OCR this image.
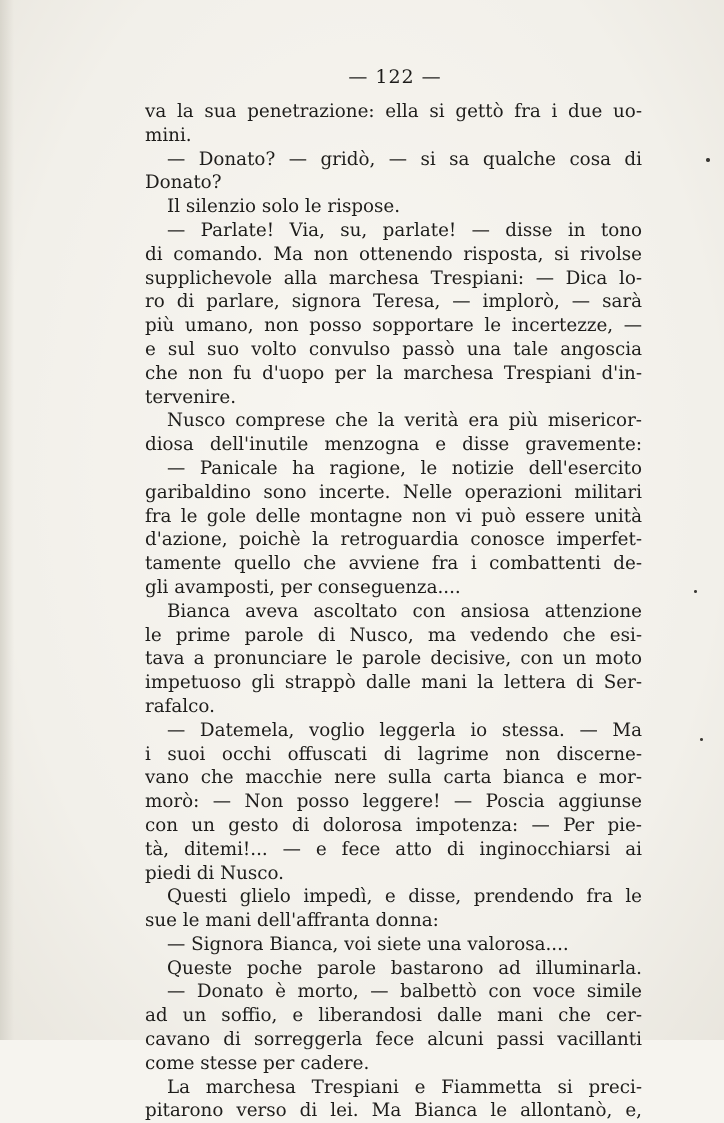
— 122 —
va la sua penetrazione: ella si gettò fra i due uo-
mini.
— Donato? — gridò, — si sa qualche cosa di
Donato?
Il silenzio solo le rispose.
— Parlate! Via, su, parlate! — disse in tono
di comando. Ma non ottenendo risposta, si rivolse
supplichevole alla marchesa Trespiani: — Dica lo-
ro di parlare, signora Teresa, — implorò, — sarà
più umano, non posso sopportare le incertezze, —
e sul suo volto convulso passò una tale angoscia
che non fu d'uopo per la marchesa Trespiani d'in-
tervenire.
Nusco comprese che la verità era più misericor-
diosa dell'inutile menzogna e disse gravemente:
— Panicale ha ragione, le notizie dell'esercito
garibaldino sono incerte. Nelle operazioni militari
fra le gole delle montagne non vi può essere unità
d'azione, poichè la retroguardia conosce imperfet-
tamente quello che avviene fra i combattenti de-
gli avamposti, per conseguenza....
Bianca aveva ascoltato con ansiosa attenzione
le prime parole di Nusco, ma vedendo che esi-
tava a pronunciare le parole decisive, con un moto
impetuoso gli strappò dalle mani la lettera di Ser-
rafalco.
— Datemela, voglio leggerla io stessa. — Ma
i suoi occhi offuscati di lagrime non discerne-
vano che macchie nere sulla carta bianca e mor-
morò: — Non posso leggere! — Poscia aggiunse
con un gesto di dolorosa impotenza: — Per pie-
tà, ditemi!... — e fece atto di inginocchiarsi ai
piedi di Nusco.
Questi glielo impedì, e disse, prendendo fra le
sue le mani dell'affranta donna:
— Signora Bianca, voi siete una valorosa....
Queste poche parole bastarono ad illuminarla.
— Donato è morto, — balbettò con voce simile
ad un soffio, e liberandosi dalle mani che cer-
cavano di sorreggerla fece alcuni passi vacillanti
come stesse per cadere.
La marchesa Trespiani e Fiammetta si preci-
pitarono verso di lei. Ma Bianca le allontanò, e,
